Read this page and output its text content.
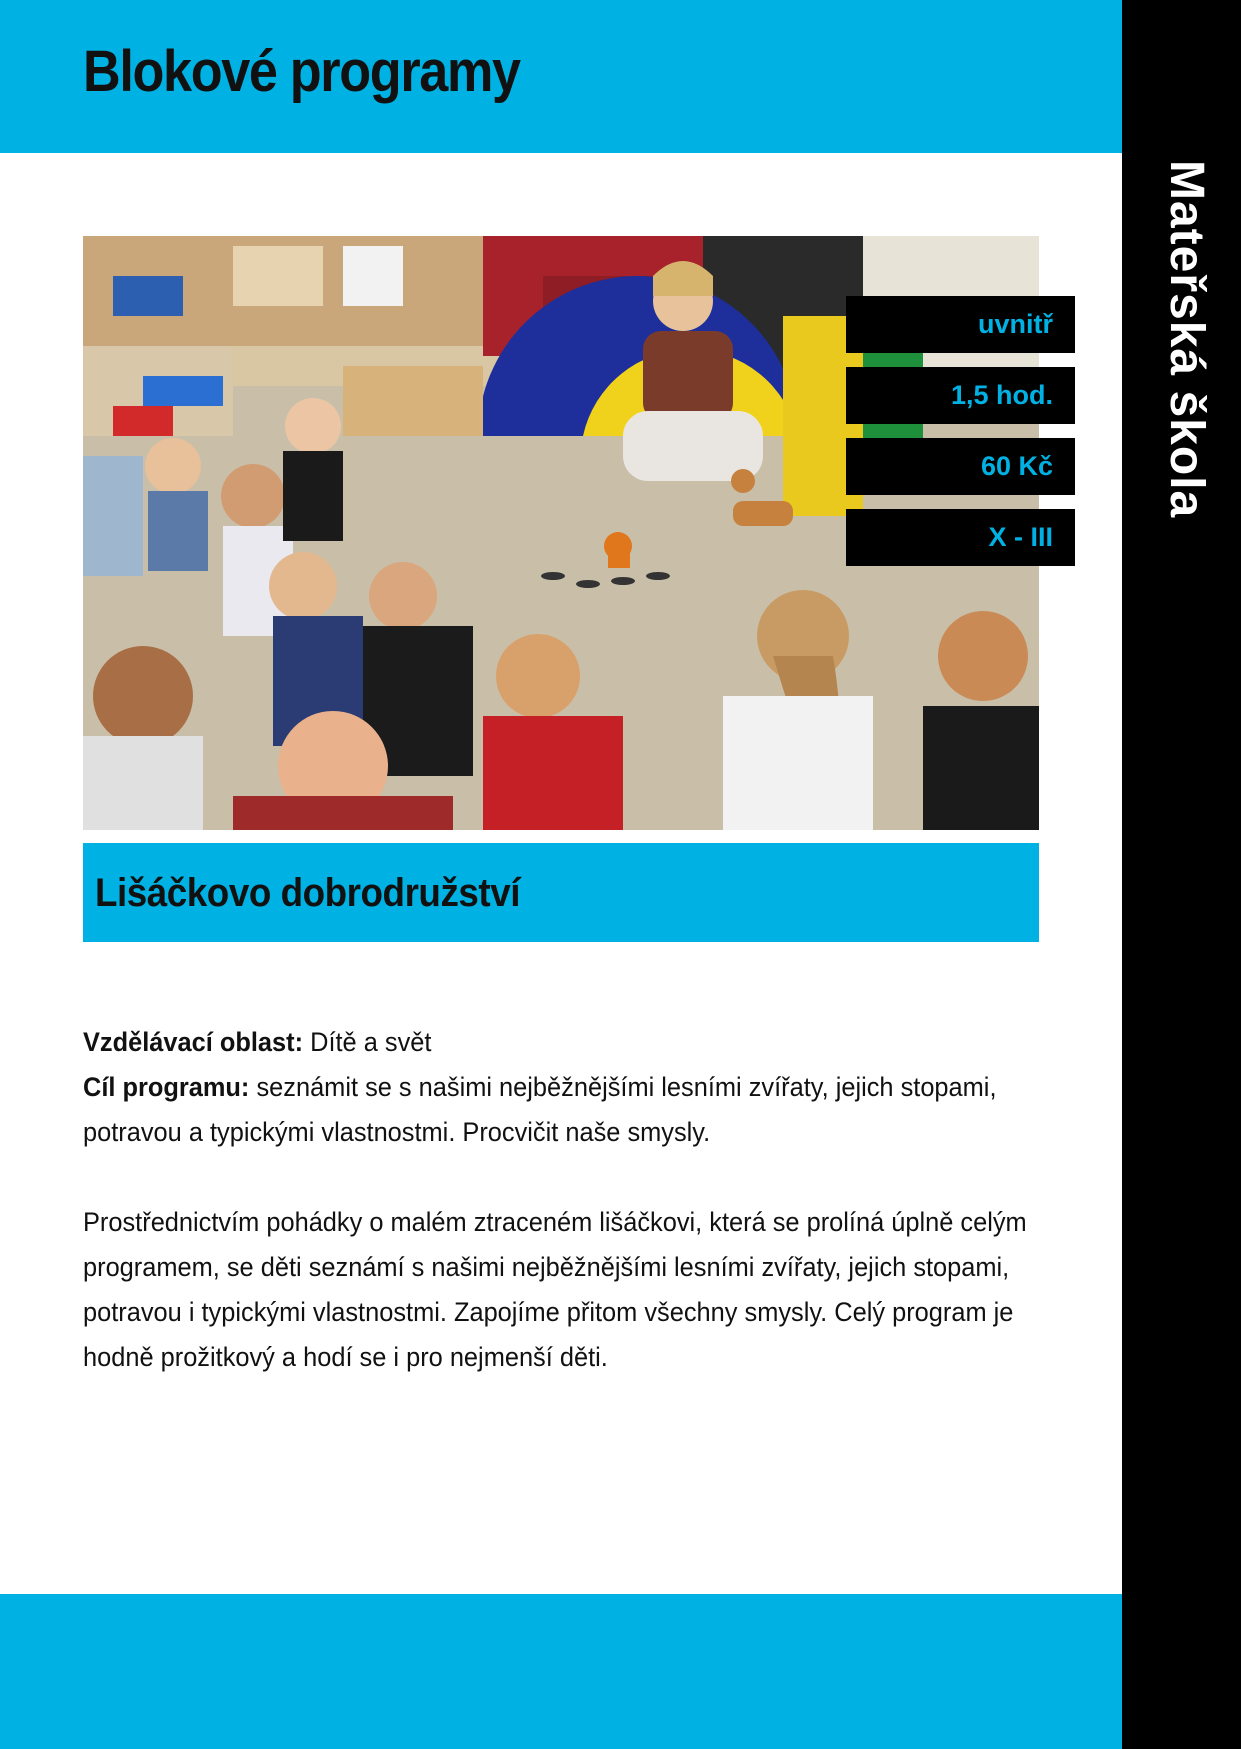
Blokové programy
Mateřská škola
uvnitř
1,5 hod.
60 Kč
X - III
Lišáčkovo dobrodružství

Vzdělávací oblast: Dítě a svět

Cíl programu: seznámit se s našimi nejběžnějšími lesními zvířaty, jejich stopami, potravou a typickými vlastnostmi. Procvičit naše smysly.

Prostřednictvím pohádky o malém ztraceném lišáčkovi, která se prolíná úplně celým programem, se děti seznámí s našimi nejběžnějšími lesními zvířaty, jejich stopami, potravou i typickými vlastnostmi. Zapojíme přitom všechny smysly. Celý program je hodně prožitkový a hodí se i pro nejmenší děti.
